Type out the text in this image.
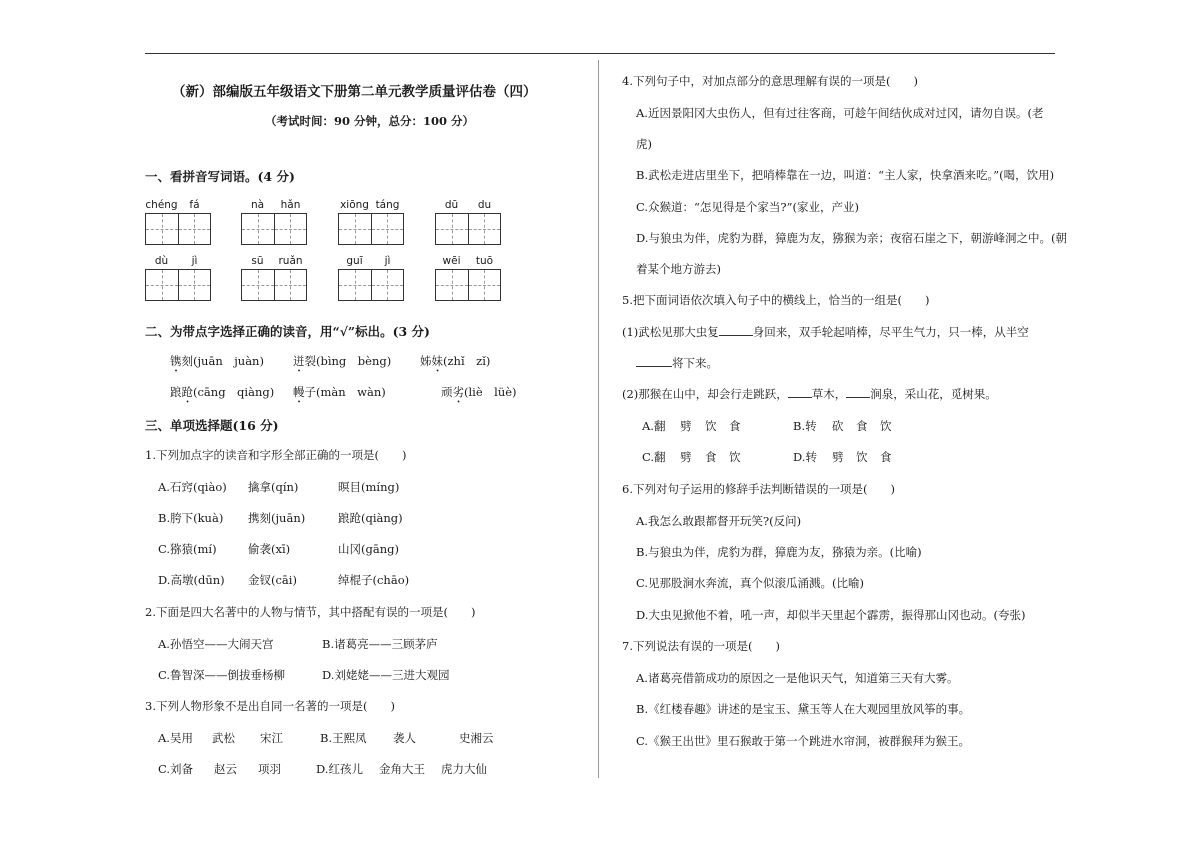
（新）部编版五年级语文下册第二单元教学质量评估卷（四）
（考试时间：90 分钟，总分：100 分）
一、看拼音写词语。(4 分)
chéng	fá	nà	hǎn	xiōng táng	dū	du
dù	jì	sū	ruǎn	guī	jì	wēi	tuō
二、为带点字选择正确的读音，用“√”标出。(3 分)
镌刻(juān　juàn)	迸裂(bìng　bèng)	姊妹(zhǐ　zǐ)
踉跄(cāng　qiàng) 幔子(màn　wàn)	顽劣(liè　lüè)
三、单项选择题(16 分)
1.下列加点字的读音和字形全部正确的一项是(　　)
A.石窍(qiào) 擒拿(qín)	暝目(míng)
B.胯下(kuà) 携刻(juān)	踉跄(qiàng)
C.猕猿(mí)	偷袭(xī)	山冈(gāng)
D.高墩(dūn) 金钗(cāi)	绰棍子(chāo)
2.下面是四大名著中的人物与情节，其中搭配有误的一项是(　　)
A.孙悟空——大闹天宫	B.诸葛亮——三顾茅庐
C.鲁智深——倒拔垂杨柳	D.刘姥姥——三进大观园
3.下列人物形象不是出自同一名著的一项是(　　)
A.吴用 武松 宋江	B.王熙凤 袭人	史湘云
C.刘备 赵云 项羽	D.红孩儿 金角大王 虎力大仙
4.下列句子中，对加点部分的意思理解有误的一项是(　　)
A.近因景阳冈大虫伤人，但有过往客商，可趁午间结伙成对过冈，请勿自误。(老
虎)
B.武松走进店里坐下，把哨棒靠在一边，叫道：“主人家，快拿酒来吃。”(喝，饮用)
C.众猴道：“怎见得是个家当?”(家业，产业)
D.与狼虫为伴，虎豹为群，獐鹿为友，猕猴为亲；夜宿石崖之下，朝游峰洞之中。(朝
着某个地方游去)
5.把下面词语依次填入句子中的横线上，恰当的一组是(　　)
(1)武松见那大虫复	身回来，双手轮起哨棒，尽平生气力，只一棒，从半空
将下来。
(2)那猴在山中，却会行走跳跃， 草木， 涧泉，采山花，觅树果。
A.翻 劈 饮 食	B.转 砍 食 饮
C.翻 劈 食 饮	D.转 劈 饮 食
6.下列对句子运用的修辞手法判断错误的一项是(　　)
A.我怎么敢跟都督开玩笑?(反问)
B.与狼虫为伴，虎豹为群，獐鹿为友，猕猿为亲。(比喻)
C.见那股涧水奔流，真个似滚瓜涌溅。(比喻)
D.大虫见掀他不着，吼一声，却似半天里起个霹雳，振得那山冈也动。(夸张)
7.下列说法有误的一项是(　　)
A.诸葛亮借箭成功的原因之一是他识天气，知道第三天有大雾。
B.《红楼春趣》讲述的是宝玉、黛玉等人在大观园里放风筝的事。
C.《猴王出世》里石猴敢于第一个跳进水帘洞，被群猴拜为猴王。
